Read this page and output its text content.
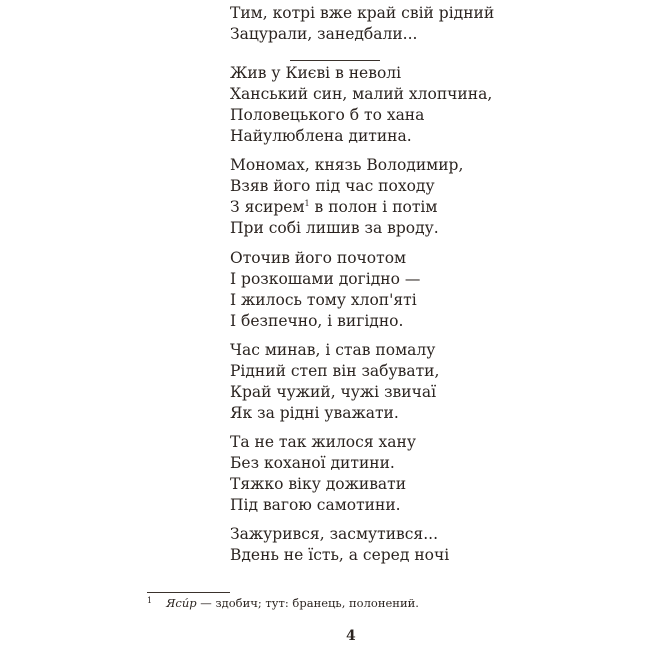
Тим, котрі вже край свій рідний
Зацурали, занедбали...
Жив у Києві в неволі
Ханський син, малий хлопчина,
Половецького б то хана
Найулюблена дитина.
Мономах, князь Володимир,
Взяв його під час походу
З ясирем$^1$ в полон і потім
При собі лишив за вроду.
Оточив його почотом
І розкошами догідно —
І жилось тому хлоп'яті
І безпечно, і вигідно.
Час минав, і став помалу
Рідний степ він забувати,
Край чужий, чужі звичаї
Як за рідні уважати.
Та не так жилося хану
Без коханої дитини.
Тяжко віку доживати
Під вагою самотини.
Зажурився, засмутився...
Вдень не їсть, а серед ночі
$^1$ Яси́р — здобич; тут: бранець, полонений.
4
